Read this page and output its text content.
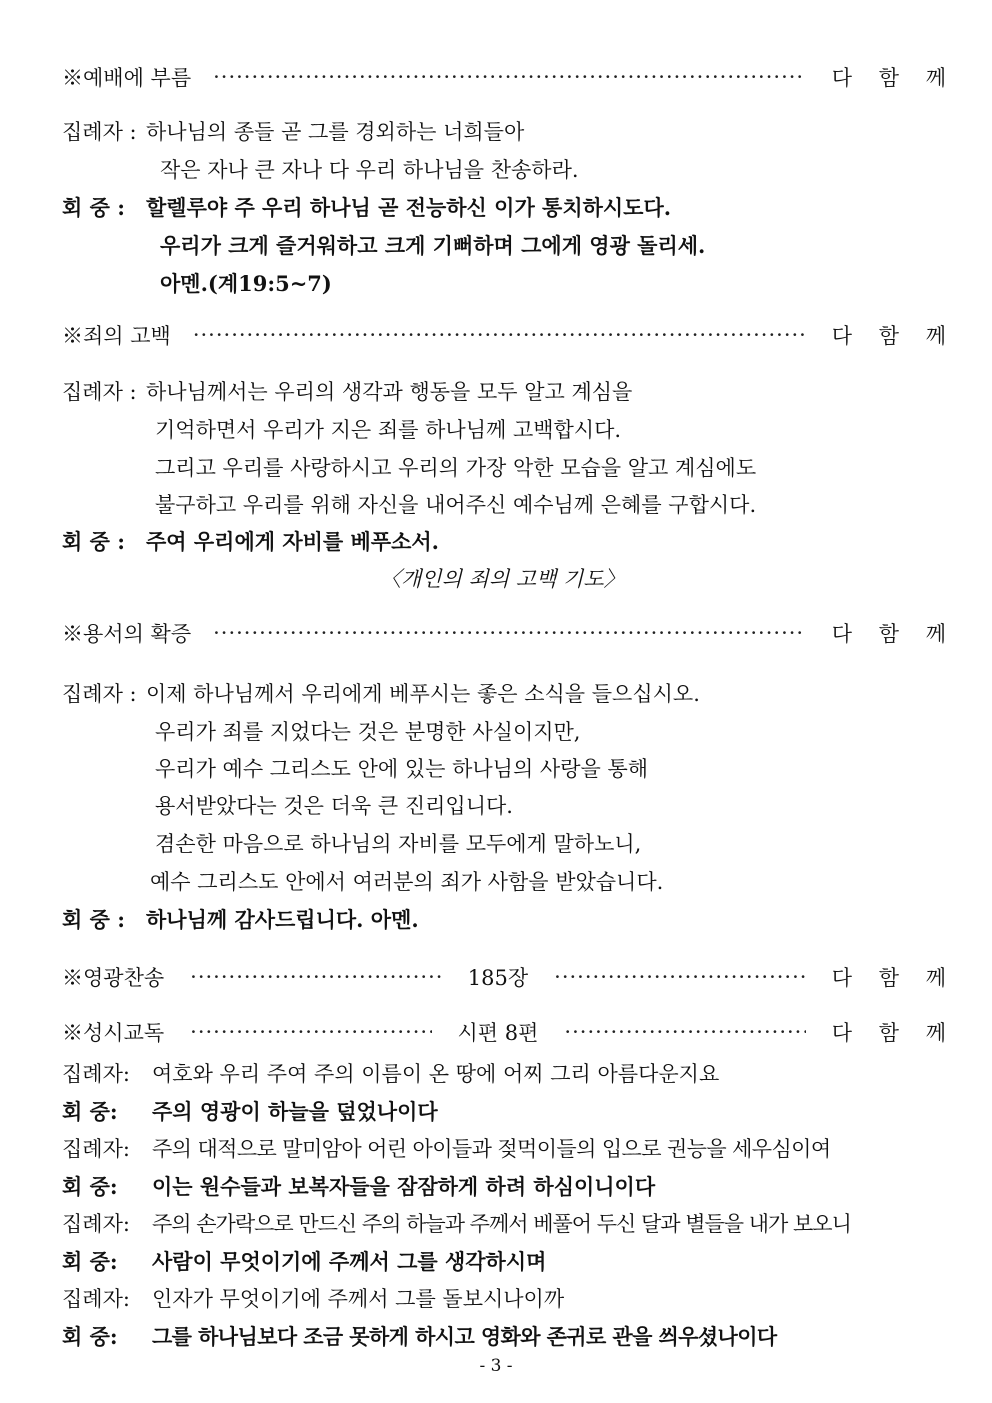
※예배에 부름 ·····	다 함 께
집례자 : 하나님의 종들 곧 그를 경외하는 너희들아
작은 자나 큰 자나 다 우리 하나님을 찬송하라.
회 중 : 할렐루야 주 우리 하나님 곧 전능하신 이가 통치하시도다.
우리가 크게 즐거워하고 크게 기뻐하며 그에게 영광 돌리세.
아멘.(계19:5~7)
※죄의 고백 ·····	다 함 께
집례자 : 하나님께서는 우리의 생각과 행동을 모두 알고 계심을
기억하면서 우리가 지은 죄를 하나님께 고백합시다.
그리고 우리를 사랑하시고 우리의 가장 악한 모습을 알고 계심에도
불구하고 우리를 위해 자신을 내어주신 예수님께 은혜를 구합시다.
회 중 : 주여 우리에게 자비를 베푸소서.
〈개인의 죄의 고백 기도〉
※용서의 확증 ·····	다 함 께
집례자 : 이제 하나님께서 우리에게 베푸시는 좋은 소식을 들으십시오.
우리가 죄를 지었다는 것은 분명한 사실이지만,
우리가 예수 그리스도 안에 있는 하나님의 사랑을 통해
용서받았다는 것은 더욱 큰 진리입니다.
겸손한 마음으로 하나님의 자비를 모두에게 말하노니,
예수 그리스도 안에서 여러분의 죄가 사함을 받았습니다.
회 중 : 하나님께 감사드립니다. 아멘.
※영광찬송 ·····	185장 ·····	다 함 께
※성시교독 ·····	시편 8편 ·····	다 함 께
집례자: 여호와 우리 주여 주의 이름이 온 땅에 어찌 그리 아름다운지요
회 중: 주의 영광이 하늘을 덮었나이다
집례자: 주의 대적으로 말미암아 어린 아이들과 젖먹이들의 입으로 권능을 세우심이여
회 중: 이는 원수들과 보복자들을 잠잠하게 하려 하심이니이다
집례자: 주의 손가락으로 만드신 주의 하늘과 주께서 베풀어 두신 달과 별들을 내가 보오니
회 중: 사람이 무엇이기에 주께서 그를 생각하시며
집례자: 인자가 무엇이기에 주께서 그를 돌보시나이까
회 중: 그를 하나님보다 조금 못하게 하시고 영화와 존귀로 관을 씌우셨나이다
- 3 -
